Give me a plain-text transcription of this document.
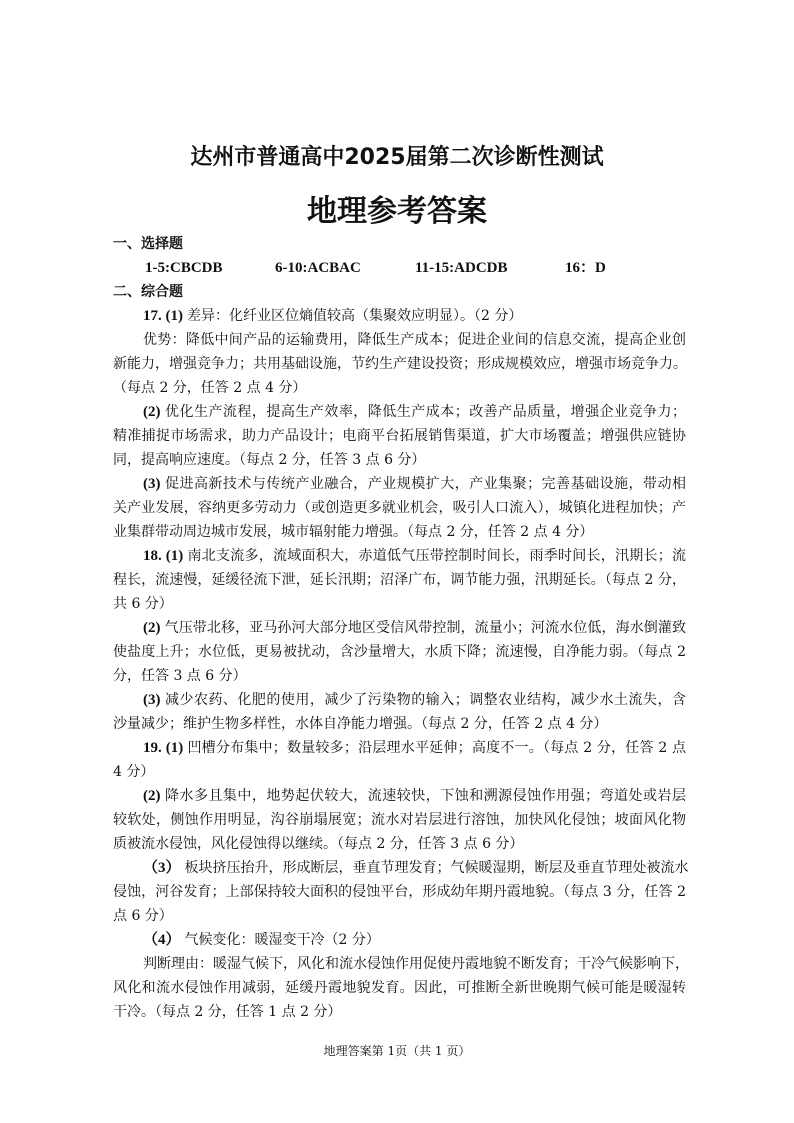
达州市普通高中2025届第二次诊断性测试
地理参考答案
一、选择题
1-5:CBCDB	6-10:ACBAC	11-15:ADCDB	16：D
二、综合题
17. (1) 差异：化纤业区位熵值较高（集聚效应明显）。（2 分）
优势：降低中间产品的运输费用，降低生产成本；促进企业间的信息交流，提高企业创
新能力，增强竞争力；共用基础设施，节约生产建设投资；形成规模效应，增强市场竞争力。
（每点 2 分，任答 2 点 4 分）
(2) 优化生产流程，提高生产效率，降低生产成本；改善产品质量，增强企业竞争力；
精准捕捉市场需求，助力产品设计；电商平台拓展销售渠道，扩大市场覆盖；增强供应链协
同，提高响应速度。（每点 2 分，任答 3 点 6 分）
(3) 促进高新技术与传统产业融合，产业规模扩大，产业集聚；完善基础设施，带动相
关产业发展，容纳更多劳动力（或创造更多就业机会，吸引人口流入），城镇化进程加快；产
业集群带动周边城市发展，城市辐射能力增强。（每点 2 分，任答 2 点 4 分）
18. (1) 南北支流多，流域面积大，赤道低气压带控制时间长，雨季时间长，汛期长；流
程长，流速慢，延缓径流下泄，延长汛期；沼泽广布，调节能力强，汛期延长。（每点 2 分，
共 6 分）
(2) 气压带北移，亚马孙河大部分地区受信风带控制，流量小；河流水位低，海水倒灌致
使盐度上升；水位低，更易被扰动，含沙量增大，水质下降；流速慢，自净能力弱。（每点 2
分，任答 3 点 6 分）
(3) 减少农药、化肥的使用，减少了污染物的输入；调整农业结构，减少水土流失，含
沙量减少；维护生物多样性，水体自净能力增强。（每点 2 分，任答 2 点 4 分）
19. (1) 凹槽分布集中；数量较多；沿层理水平延伸；高度不一。（每点 2 分，任答 2 点
4 分）
(2) 降水多且集中，地势起伏较大，流速较快，下蚀和溯源侵蚀作用强；弯道处或岩层
较软处，侧蚀作用明显，沟谷崩塌展宽；流水对岩层进行溶蚀，加快风化侵蚀；坡面风化物
质被流水侵蚀，风化侵蚀得以继续。（每点 2 分，任答 3 点 6 分）
（3） 板块挤压抬升，形成断层，垂直节理发育；气候暖湿期，断层及垂直节理处被流水
侵蚀，河谷发育；上部保持较大面积的侵蚀平台，形成幼年期丹霞地貌。（每点 3 分，任答 2
点 6 分）
（4） 气候变化：暖湿变干冷（2 分）
判断理由：暖湿气候下，风化和流水侵蚀作用促使丹霞地貌不断发育；干冷气候影响下，
风化和流水侵蚀作用减弱，延缓丹霞地貌发育。因此，可推断全新世晚期气候可能是暖湿转
干冷。（每点 2 分，任答 1 点 2 分）
地理答案第 1页（共 1 页）
